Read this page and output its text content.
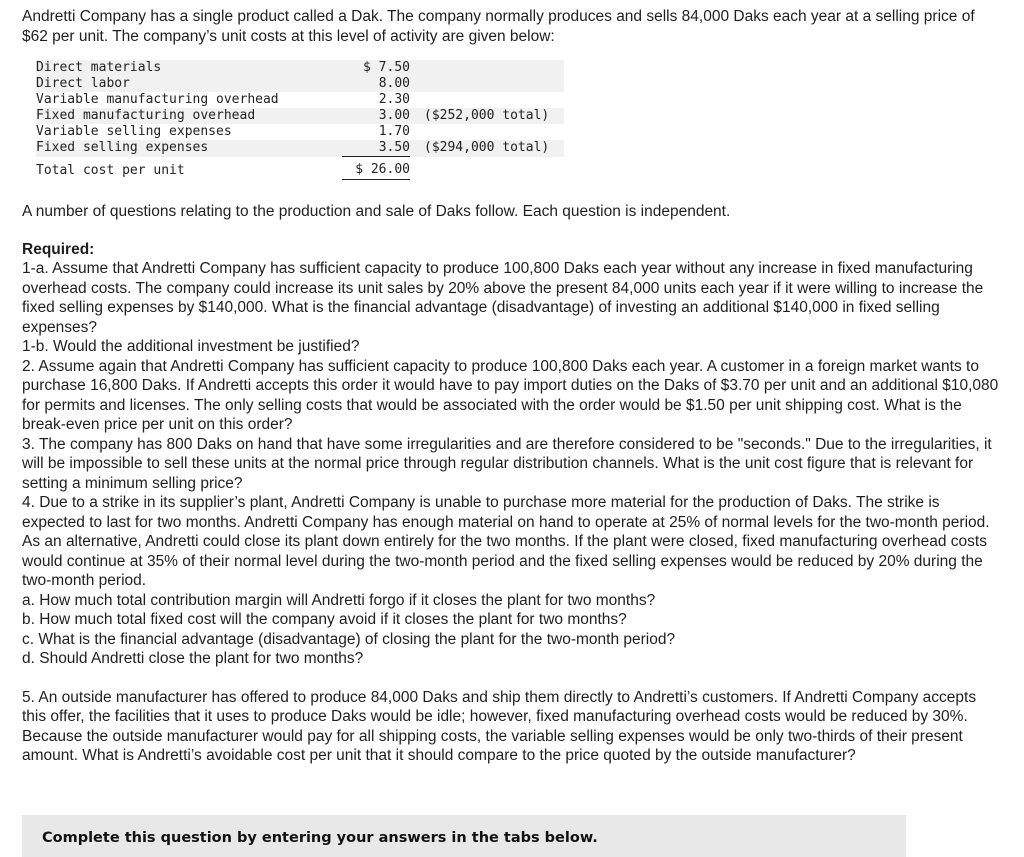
Andretti Company has a single product called a Dak. The company normally produces and sells 84,000 Daks each year at a selling price of $62 per unit. The company’s unit costs at this level of activity are given below:

Direct materials	$ 7.50	
Direct labor	8.00	
Variable manufacturing overhead	2.30	
Fixed manufacturing overhead	3.00	($252,000 total)
Variable selling expenses	1.70	
Fixed selling expenses	3.50	($294,000 total)
Total cost per unit	$ 26.00	

A number of questions relating to the production and sale of Daks follow. Each question is independent.

Required:

1-a. Assume that Andretti Company has sufficient capacity to produce 100,800 Daks each year without any increase in fixed manufacturing overhead costs. The company could increase its unit sales by 20% above the present 84,000 units each year if it were willing to increase the fixed selling expenses by $140,000. What is the financial advantage (disadvantage) of investing an additional $140,000 in fixed selling expenses?

1-b. Would the additional investment be justified?

2. Assume again that Andretti Company has sufficient capacity to produce 100,800 Daks each year. A customer in a foreign market wants to purchase 16,800 Daks. If Andretti accepts this order it would have to pay import duties on the Daks of $3.70 per unit and an additional $10,080 for permits and licenses. The only selling costs that would be associated with the order would be $1.50 per unit shipping cost. What is the break-even price per unit on this order?

3. The company has 800 Daks on hand that have some irregularities and are therefore considered to be "seconds." Due to the irregularities, it will be impossible to sell these units at the normal price through regular distribution channels. What is the unit cost figure that is relevant for setting a minimum selling price?

4. Due to a strike in its supplier’s plant, Andretti Company is unable to purchase more material for the production of Daks. The strike is expected to last for two months. Andretti Company has enough material on hand to operate at 25% of normal levels for the two-month period. As an alternative, Andretti could close its plant down entirely for the two months. If the plant were closed, fixed manufacturing overhead costs would continue at 35% of their normal level during the two-month period and the fixed selling expenses would be reduced by 20% during the two-month period.

a. How much total contribution margin will Andretti forgo if it closes the plant for two months?

b. How much total fixed cost will the company avoid if it closes the plant for two months?

c. What is the financial advantage (disadvantage) of closing the plant for the two-month period?

d. Should Andretti close the plant for two months?

5. An outside manufacturer has offered to produce 84,000 Daks and ship them directly to Andretti’s customers. If Andretti Company accepts this offer, the facilities that it uses to produce Daks would be idle; however, fixed manufacturing overhead costs would be reduced by 30%. Because the outside manufacturer would pay for all shipping costs, the variable selling expenses would be only two-thirds of their present amount. What is Andretti’s avoidable cost per unit that it should compare to the price quoted by the outside manufacturer?

Complete this question by entering your answers in the tabs below.
